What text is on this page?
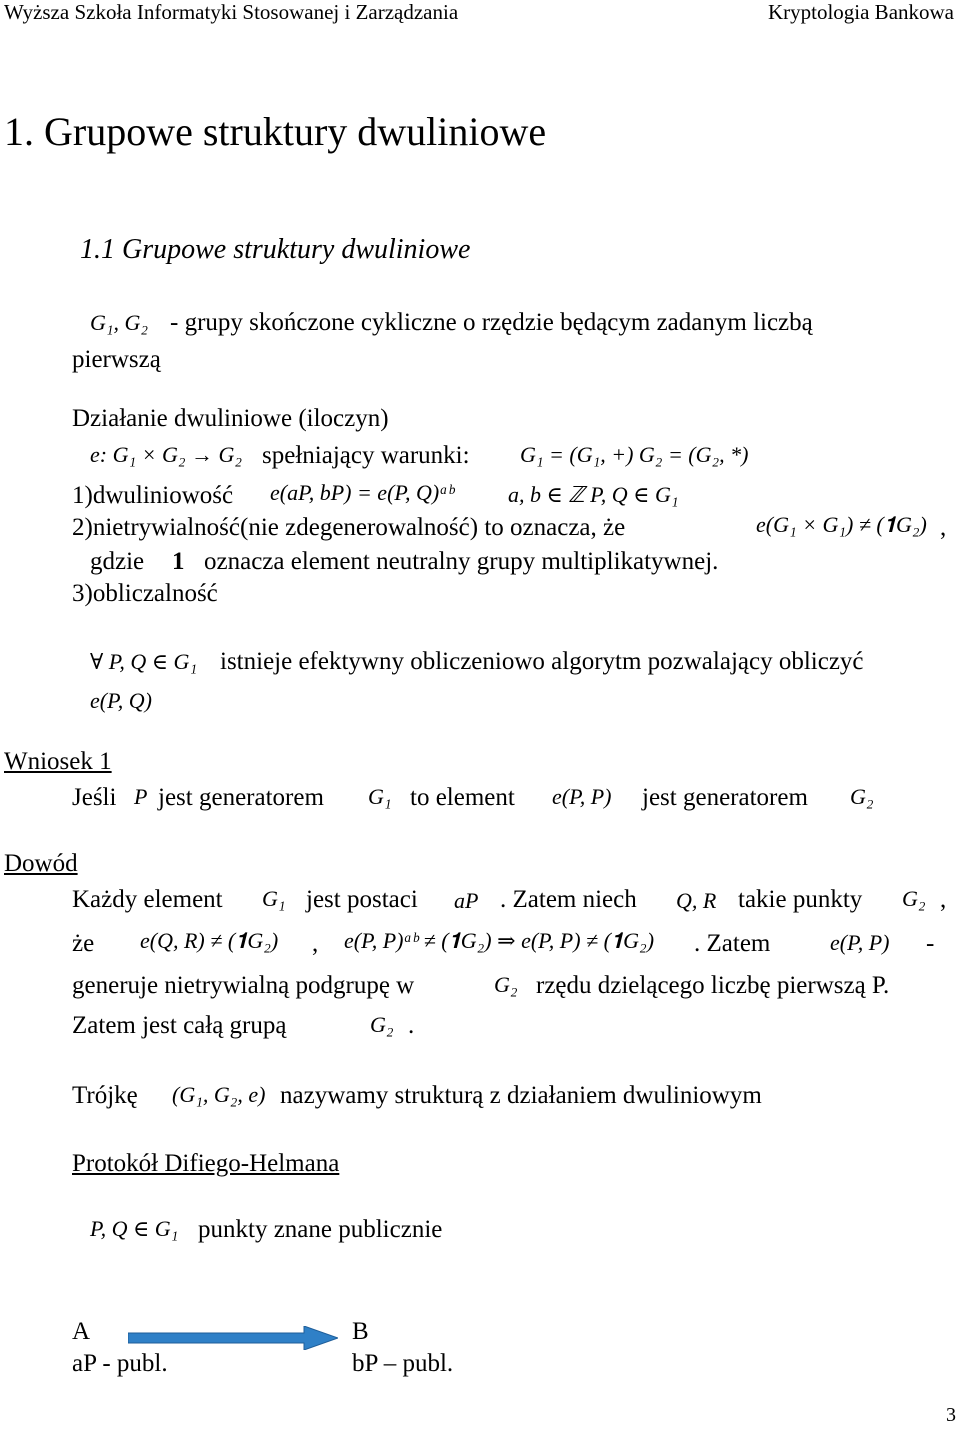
Wyższa Szkoła Informatyki Stosowanej i Zarządzania	Kryptologia Bankowa
1. Grupowe struktury dwuliniowe
1.1 Grupowe struktury dwuliniowe
G₁, G₂ - grupy skończone cykliczne o rzędzie będącym zadanym liczbą
pierwszą
Działanie dwuliniowe (iloczyn)
e: G₁ × G₂ → G₂ spełniający warunki: G₁ = (G₁, +) G₂ = (G₂, *)
1)dwuliniowość e(aP, bP) = e(P, Q)ᵃᵇ a, b ∈ ℤ P, Q ∈ G₁
2)nietrywialność(nie zdegenerowalność) to oznacza, że	e(G₁ × G₁) ≠ (𝟏G₂) ,
gdzie 1 oznacza element neutralny grupy multiplikatywnej.
3)obliczalność
∀ P, Q ∈ G₁ istnieje efektywny obliczeniowo algorytm pozwalający obliczyć
e(P, Q)
Wniosek 1
Jeśli P jest generatorem G₁ to element e(P, P) jest generatorem G₂
Dowód
Każdy element G₁ jest postaci aP . Zatem niech Q, R takie punkty G₂ ,
że e(Q, R) ≠ (𝟏G₂) , e(P, P)ᵃᵇ ≠ (𝟏G₂) ⇒ e(P, P) ≠ (𝟏G₂) . Zatem	e(P, P) -
generuje nietrywialną podgrupę w	G₂ rzędu dzielącego liczbę pierwszą P.
Zatem jest całą grupą	G₂ .
Trójkę (G₁, G₂, e) nazywamy strukturą z działaniem dwuliniowym
Protokół Difiego-Helmana
P, Q ∈ G₁ punkty znane publicznie
A	B
aP - publ.	bP – publ.
3
